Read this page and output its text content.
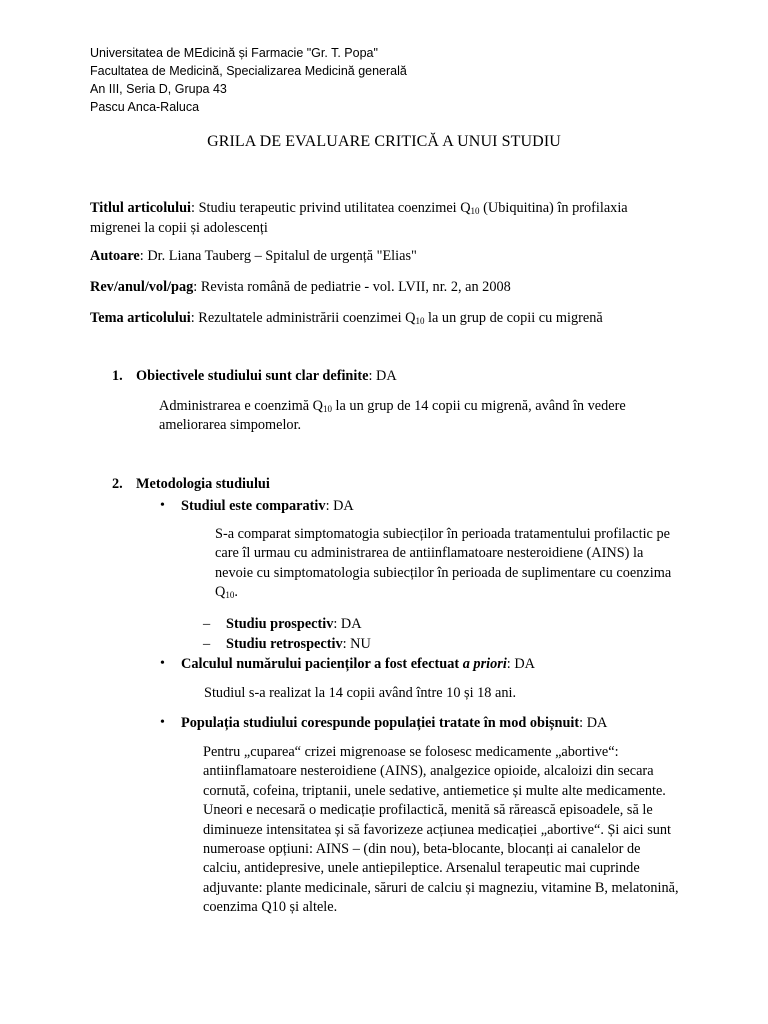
Universitatea de MEdicină și Farmacie "Gr. T. Popa"
Facultatea de Medicină, Specializarea Medicină generală
An III, Seria D, Grupa 43
Pascu Anca-Raluca
GRILA DE EVALUARE CRITICĂ A UNUI STUDIU
Titlul articolului: Studiu terapeutic privind utilitatea coenzimei $Q_{10}$ (Ubiquitina) în profilaxia migrenei la copii și adolescenți
Autoare: Dr. Liana Tauberg – Spitalul de urgență "Elias"
Rev/anul/vol/pag: Revista română de pediatrie - vol. LVII, nr. 2, an 2008
Tema articolului: Rezultatele administrării coenzimei $Q_{10}$ la un grup de copii cu migrenă
1. Obiectivele studiului sunt clar definite: DA
Administrarea e coenzimă $Q_{10}$ la un grup de 14 copii cu migrenă, având în vedere ameliorarea simpomelor.
2. Metodologia studiului
• Studiul este comparativ: DA
S-a comparat simptomatogia subiecților în perioada tratamentului profilactic pe care îl urmau cu administrarea de antiinflamatoare nesteroidiene (AINS) la nevoie cu simptomatologia subiecților în perioada de suplimentare cu coenzima $Q_{10}$.
– Studiu prospectiv: DA
– Studiu retrospectiv: NU
• Calculul numărului pacienților a fost efectuat a priori: DA
Studiul s-a realizat la 14 copii având între 10 și 18 ani.
• Populația studiului corespunde populației tratate în mod obișnuit: DA
Pentru „cuparea“ crizei migrenoase se folosesc medicamente „abortive“: antiinflamatoare nesteroidiene (AINS), analgezice opioide, alcaloizi din secara cornută, cofeina, triptanii, unele sedative, antiemetice și multe alte medicamente. Uneori e necesară o medicație profilactică, menită să rărească episoadele, să le diminueze intensitatea și să favorizeze acțiunea medicației „abortive“. Și aici sunt numeroase opțiuni: AINS – (din nou), beta-blocante, blocanți ai canalelor de calciu, antidepresive, unele antiepileptice. Arsenalul terapeutic mai cuprinde adjuvante: plante medicinale, săruri de calciu și magneziu, vitamine B, melatonină, coenzima Q10 și altele.
